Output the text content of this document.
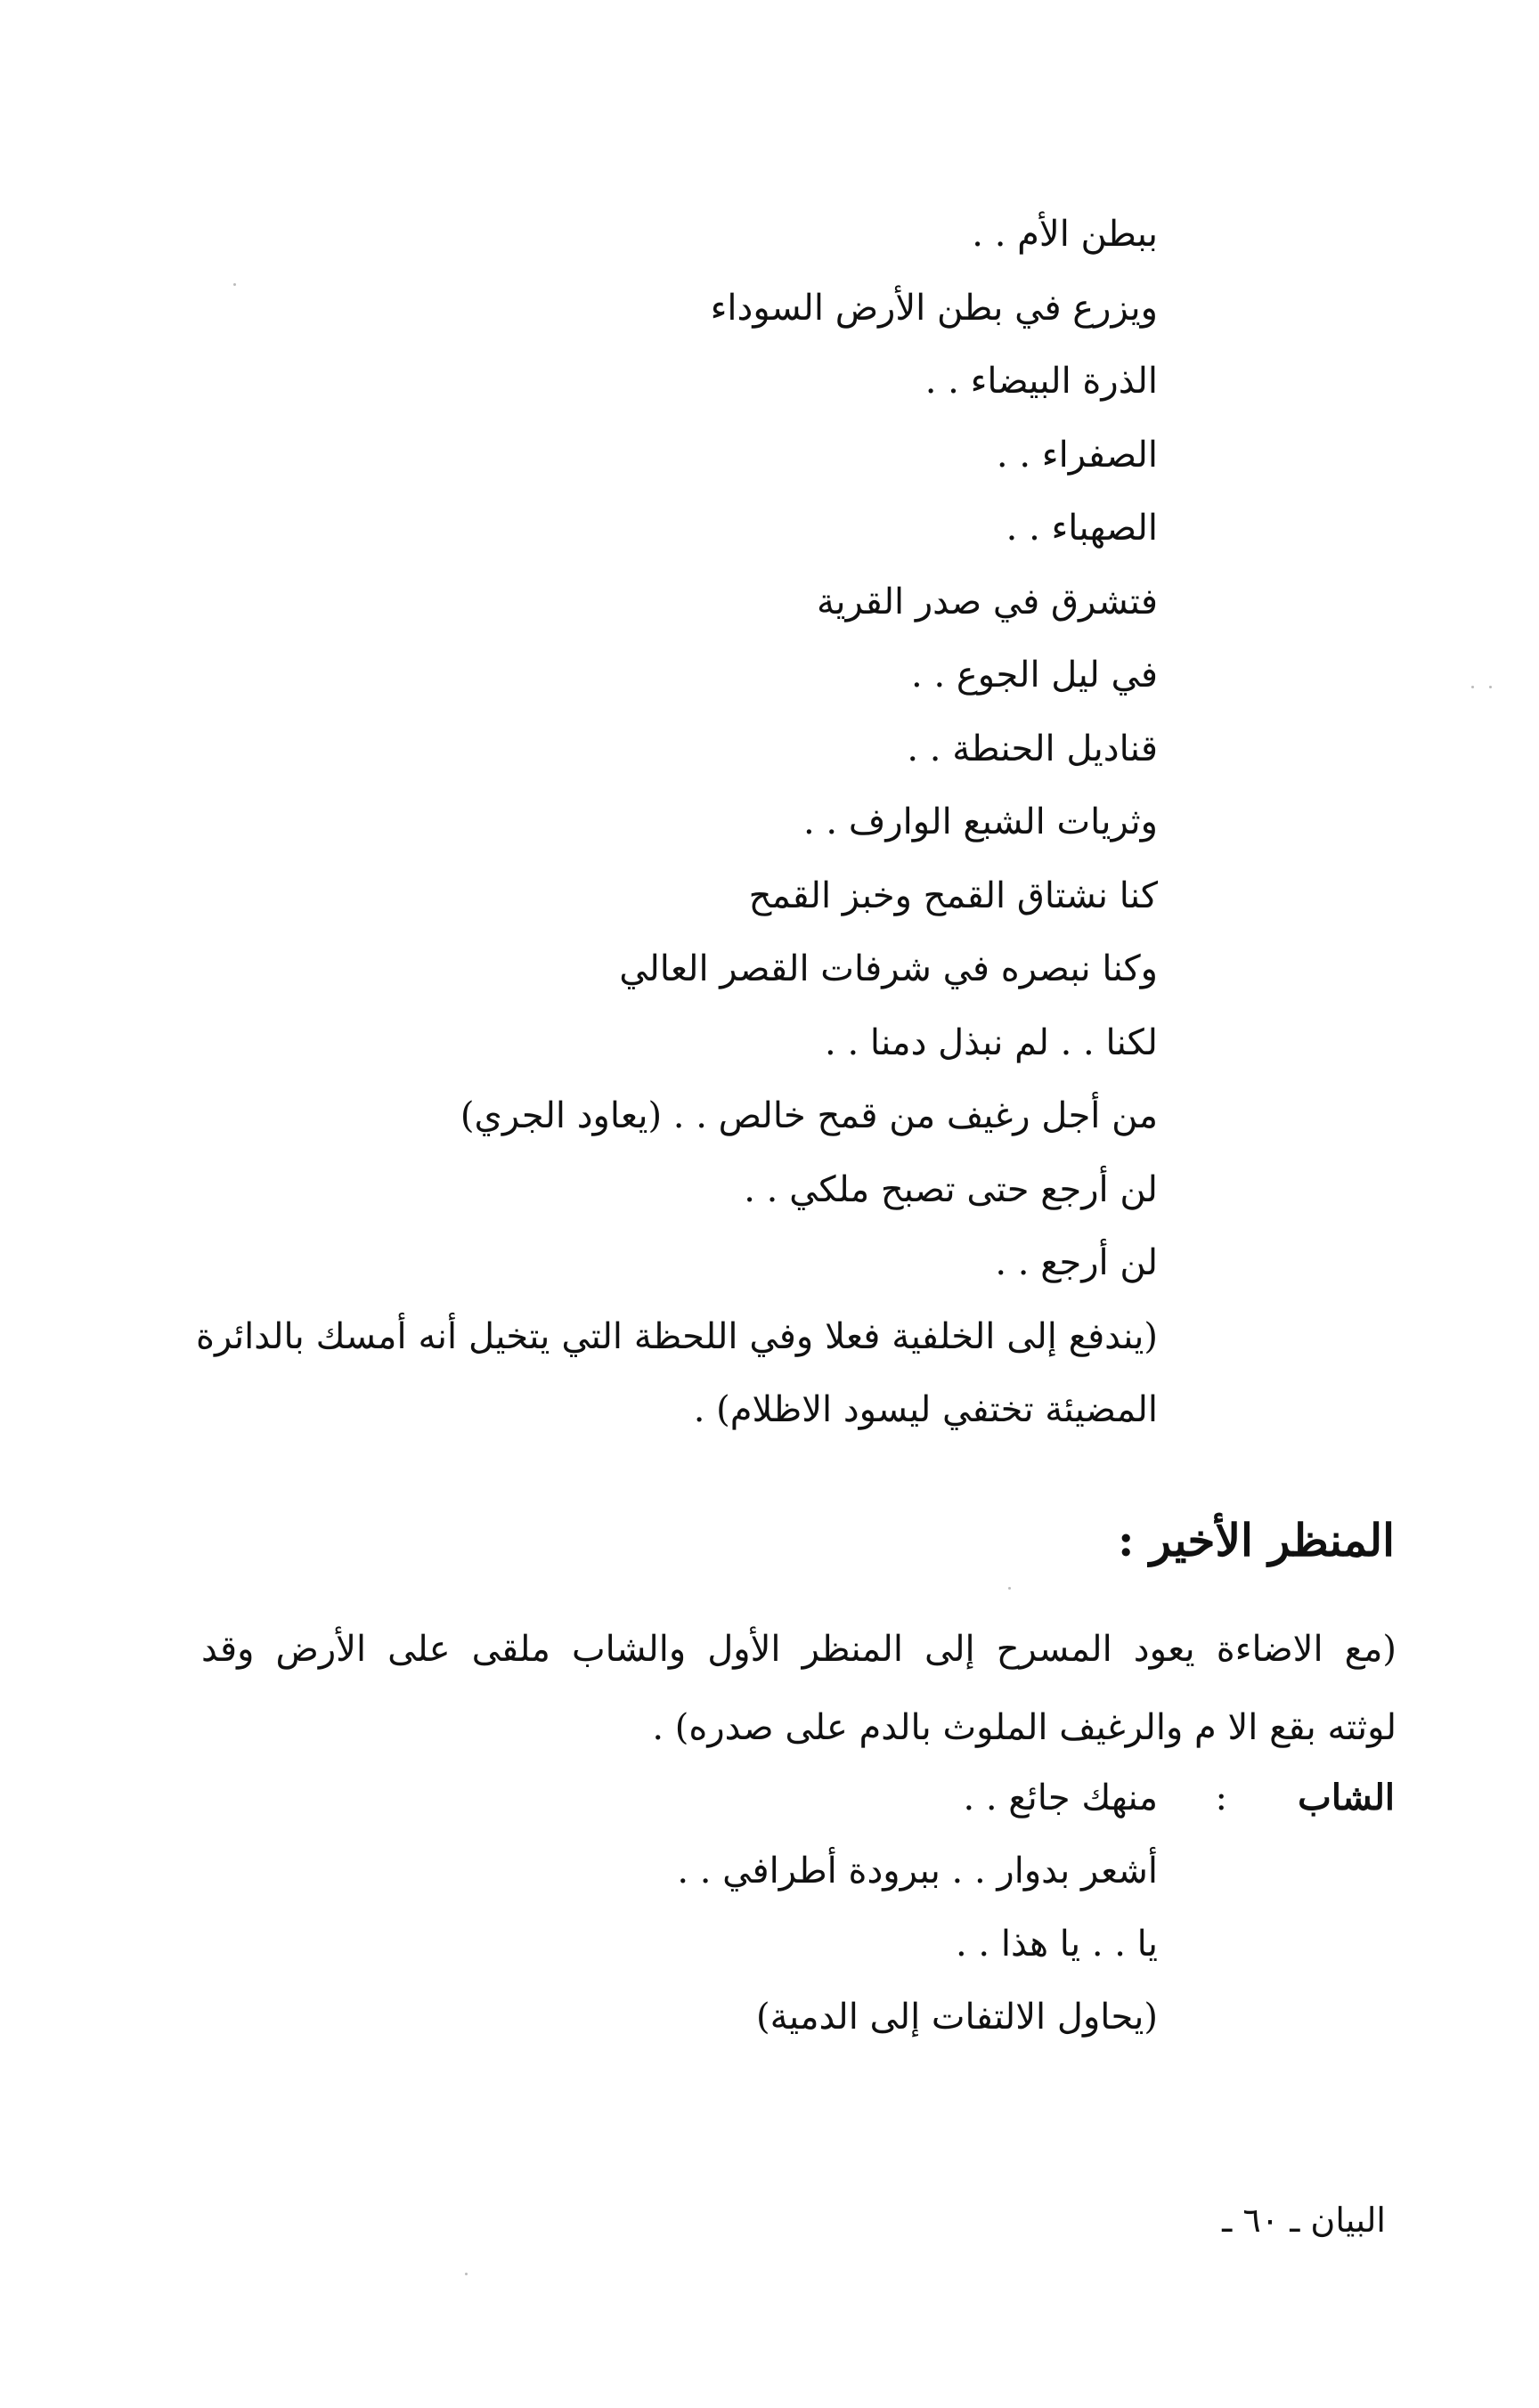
ببطن الأم . .
ويزرع في بطن الأرض السوداء
الذرة البيضاء . .
الصفراء . .
الصهباء . .
فتشرق في صدر القرية
في ليل الجوع . .
قناديل الحنطة . .
وثريات الشبع الوارف . .
كنا نشتاق القمح وخبز القمح
وكنا نبصره في شرفات القصر العالي
لكنا . . لم نبذل دمنا . .
من أجل رغيف من قمح خالص . . (يعاود الجري)
لن أرجع حتى تصبح ملكي . .
لن أرجع . .
(يندفع إلى الخلفية فعلا وفي اللحظة التي يتخيل أنه أمسك بالدائرة
المضيئة تختفي ليسود الاظلام) .
المنظر الأخير :

(مع الاضاءة يعود المسرح إلى المنظر الأول والشاب ملقى على الأرض وقد
لوثته بقع الا م والرغيف الملوث بالدم على صدره) .

الشاب

:
منهك جائع . .
أشعر بدوار . . ببرودة أطرافي . .
يا . . يا هذا . .
(يحاول الالتفات إلى الدمية)

البيان ـ ٦٠ ـ
